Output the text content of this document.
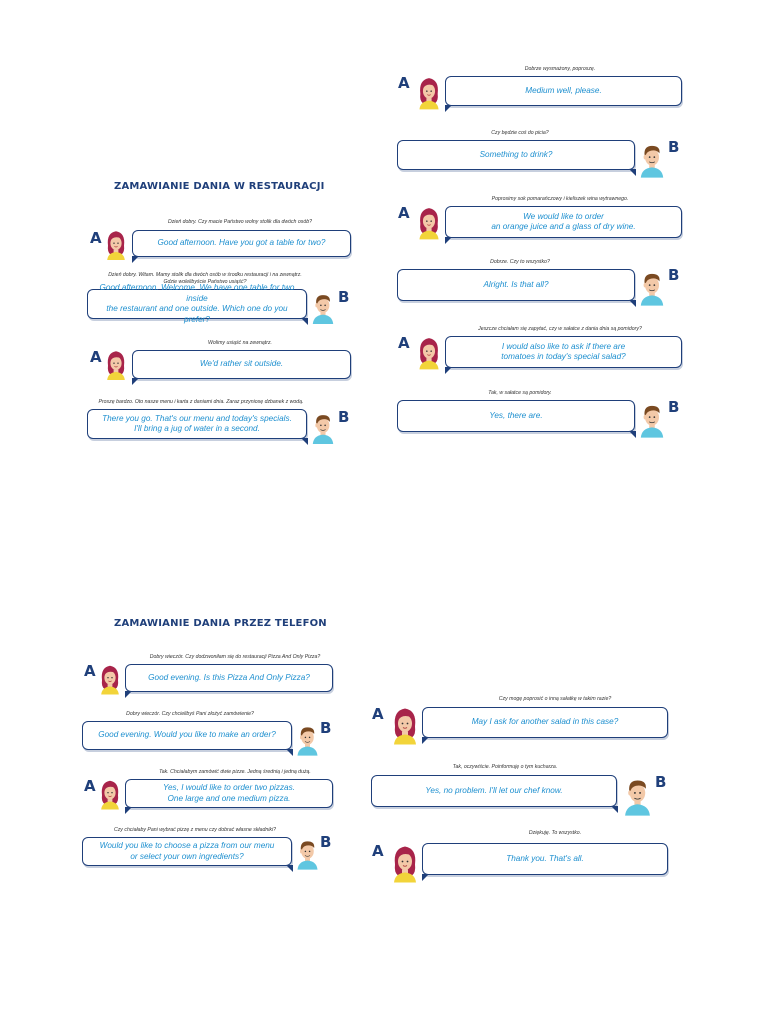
ZAMAWIANIE DANIA W RESTAURACJI
Dzień dobry. Czy macie Państwo wolny stolik dla dwóch osób?
A	Good afternoon. Have you got a table for two?
Dzień dobry. Witam. Mamy stolik dla dwóch osób w środku restauracji i na zewnątrz.
Gdzie wolelibyście Państwo usiąść?
Good afternoon. Welcome. We have one table for two inside
the restaurant and one outside. Which one do you prefer?
B
Wolimy usiąść na zewnątrz.
A	We'd rather sit outside.
Proszę bardzo. Oto nasze menu i karta z daniami dnia. Zaraz przyniosę dzbanek z wodą.
There you go. That's our menu and today's specials.
I'll bring a jug of water in a second.
B
Dobrze wysmażony, poproszę.
A	Medium well, please.
Czy będzie coś do picia?
Something to drink?	B
Poprosimy sok pomarańczowy i kieliszek wina wytrawnego.
A	We would like to order
an orange juice and a glass of dry wine.
Dobrze. Czy to wszystko?
Alright. Is that all?
B
Jeszcze chciałam się zapytać, czy w sałatce z dania dnia są pomidory?
A	I would also like to ask if there are
tomatoes in today's special salad?
Tak, w sałatce są pomidory.
Yes, there are.	B
ZAMAWIANIE DANIA PRZEZ TELEFON
Dobry wieczór. Czy dodzwoniłam się do restauracji Pizza And Only Pizza?
A	Good evening. Is this Pizza And Only Pizza?
Dobry wieczór. Czy chcielibyś Pani złożyć zamówienie?
Good evening. Would you like to make an order?	B
Tak. Chciałabym zamówić dwie pizze. Jedną średnią i jedną dużą.
A	Yes, I would like to order two pizzas.
One large and one medium pizza.
Czy chciałaby Pani wybrać pizzę z menu czy dobrać własne składniki?
Would you like to choose a pizza from our menu
or select your own ingredients?
B
Czy mogę poprosić o inną sałatkę w takim razie?
A	May I ask for another salad in this case?
Tak, oczywiście. Poinformuję o tym kucharza.
Yes, no problem. I'll let our chef know.	B
Dziękuję. To wszystko.
A	Thank you. That's all.
